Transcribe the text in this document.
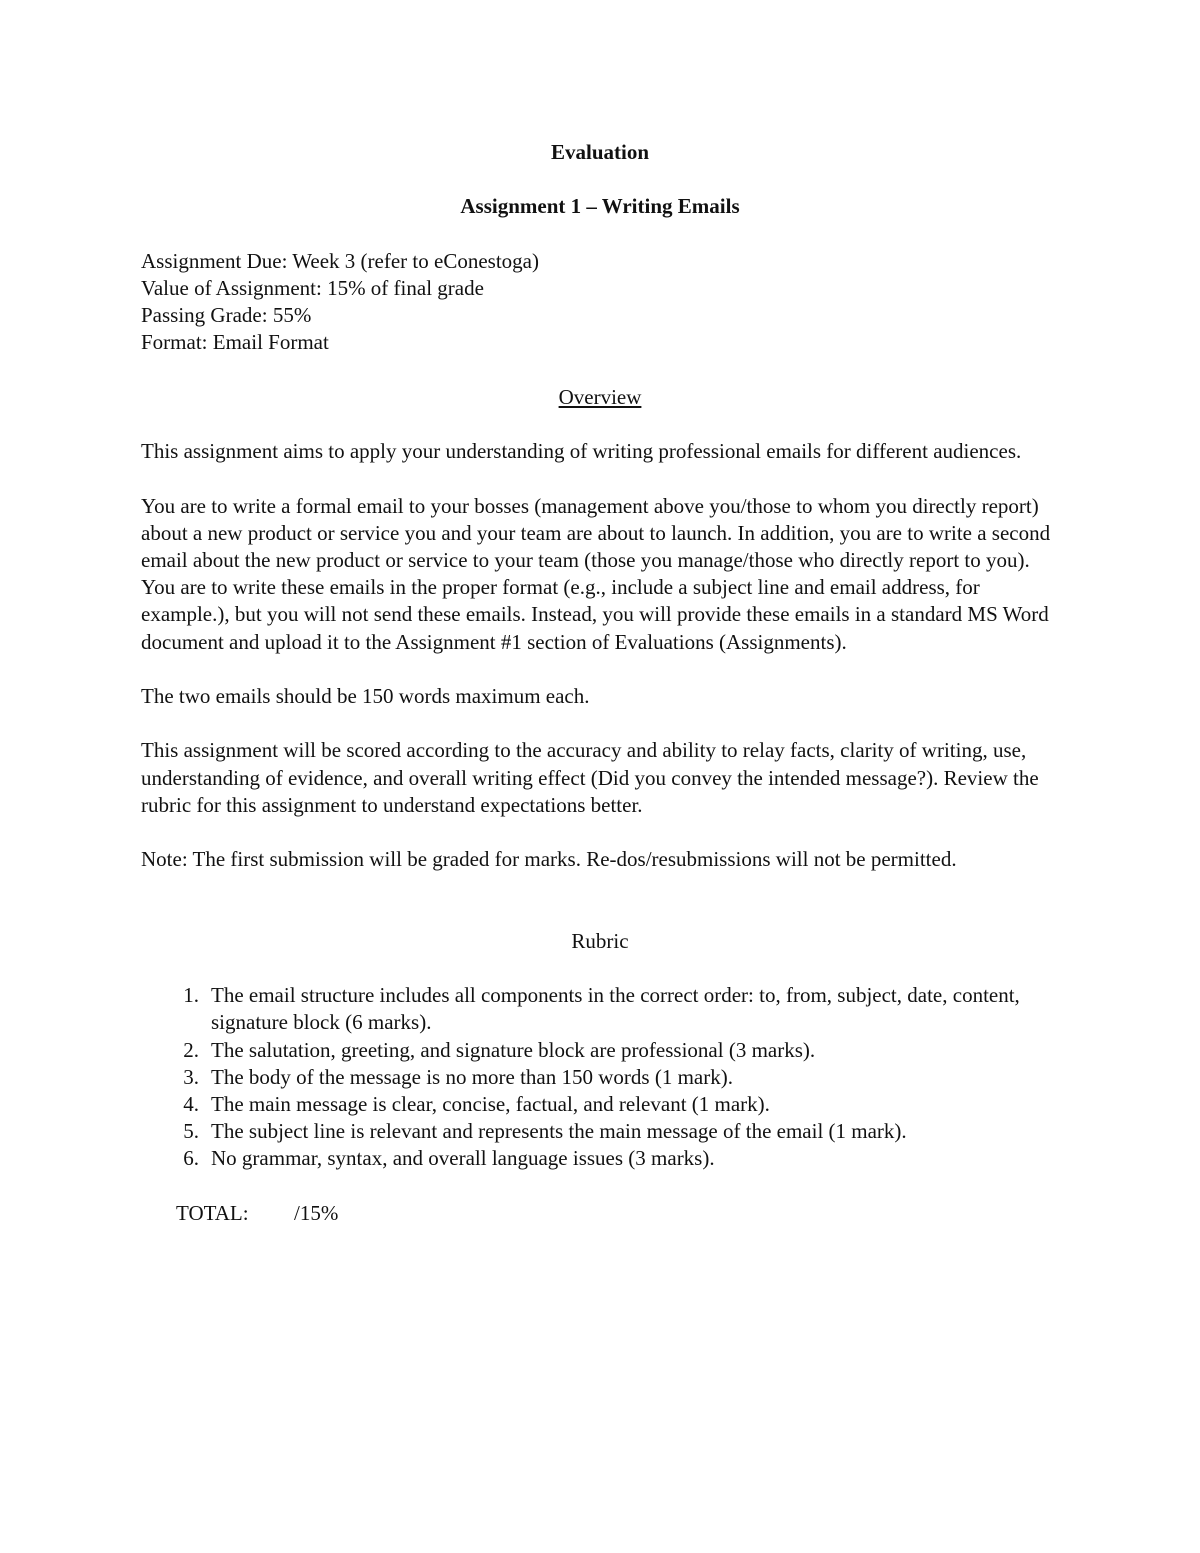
Evaluation

Assignment 1 – Writing Emails

Assignment Due: Week 3 (refer to eConestoga)

Value of Assignment: 15% of final grade

Passing Grade: 55%

Format: Email Format

Overview

This assignment aims to apply your understanding of writing professional emails for different audiences.

You are to write a formal email to your bosses (management above you/those to whom you directly report) about a new product or service you and your team are about to launch. In addition, you are to write a second email about the new product or service to your team (those you manage/those who directly report to you). You are to write these emails in the proper format (e.g., include a subject line and email address, for example.), but you will not send these emails. Instead, you will provide these emails in a standard MS Word document and upload it to the Assignment #1 section of Evaluations (Assignments).

The two emails should be 150 words maximum each.

This assignment will be scored according to the accuracy and ability to relay facts, clarity of writing, use, understanding of evidence, and overall writing effect (Did you convey the intended message?). Review the rubric for this assignment to understand expectations better.

Note: The first submission will be graded for marks. Re-dos/resubmissions will not be permitted.

Rubric

1. The email structure includes all components in the correct order: to, from, subject, date, content, signature block (6 marks).
2. The salutation, greeting, and signature block are professional (3 marks).
3. The body of the message is no more than 150 words (1 mark).
4. The main message is clear, concise, factual, and relevant (1 mark).
5. The subject line is relevant and represents the main message of the email (1 mark).
6. No grammar, syntax, and overall language issues (3 marks).

TOTAL: /15%
